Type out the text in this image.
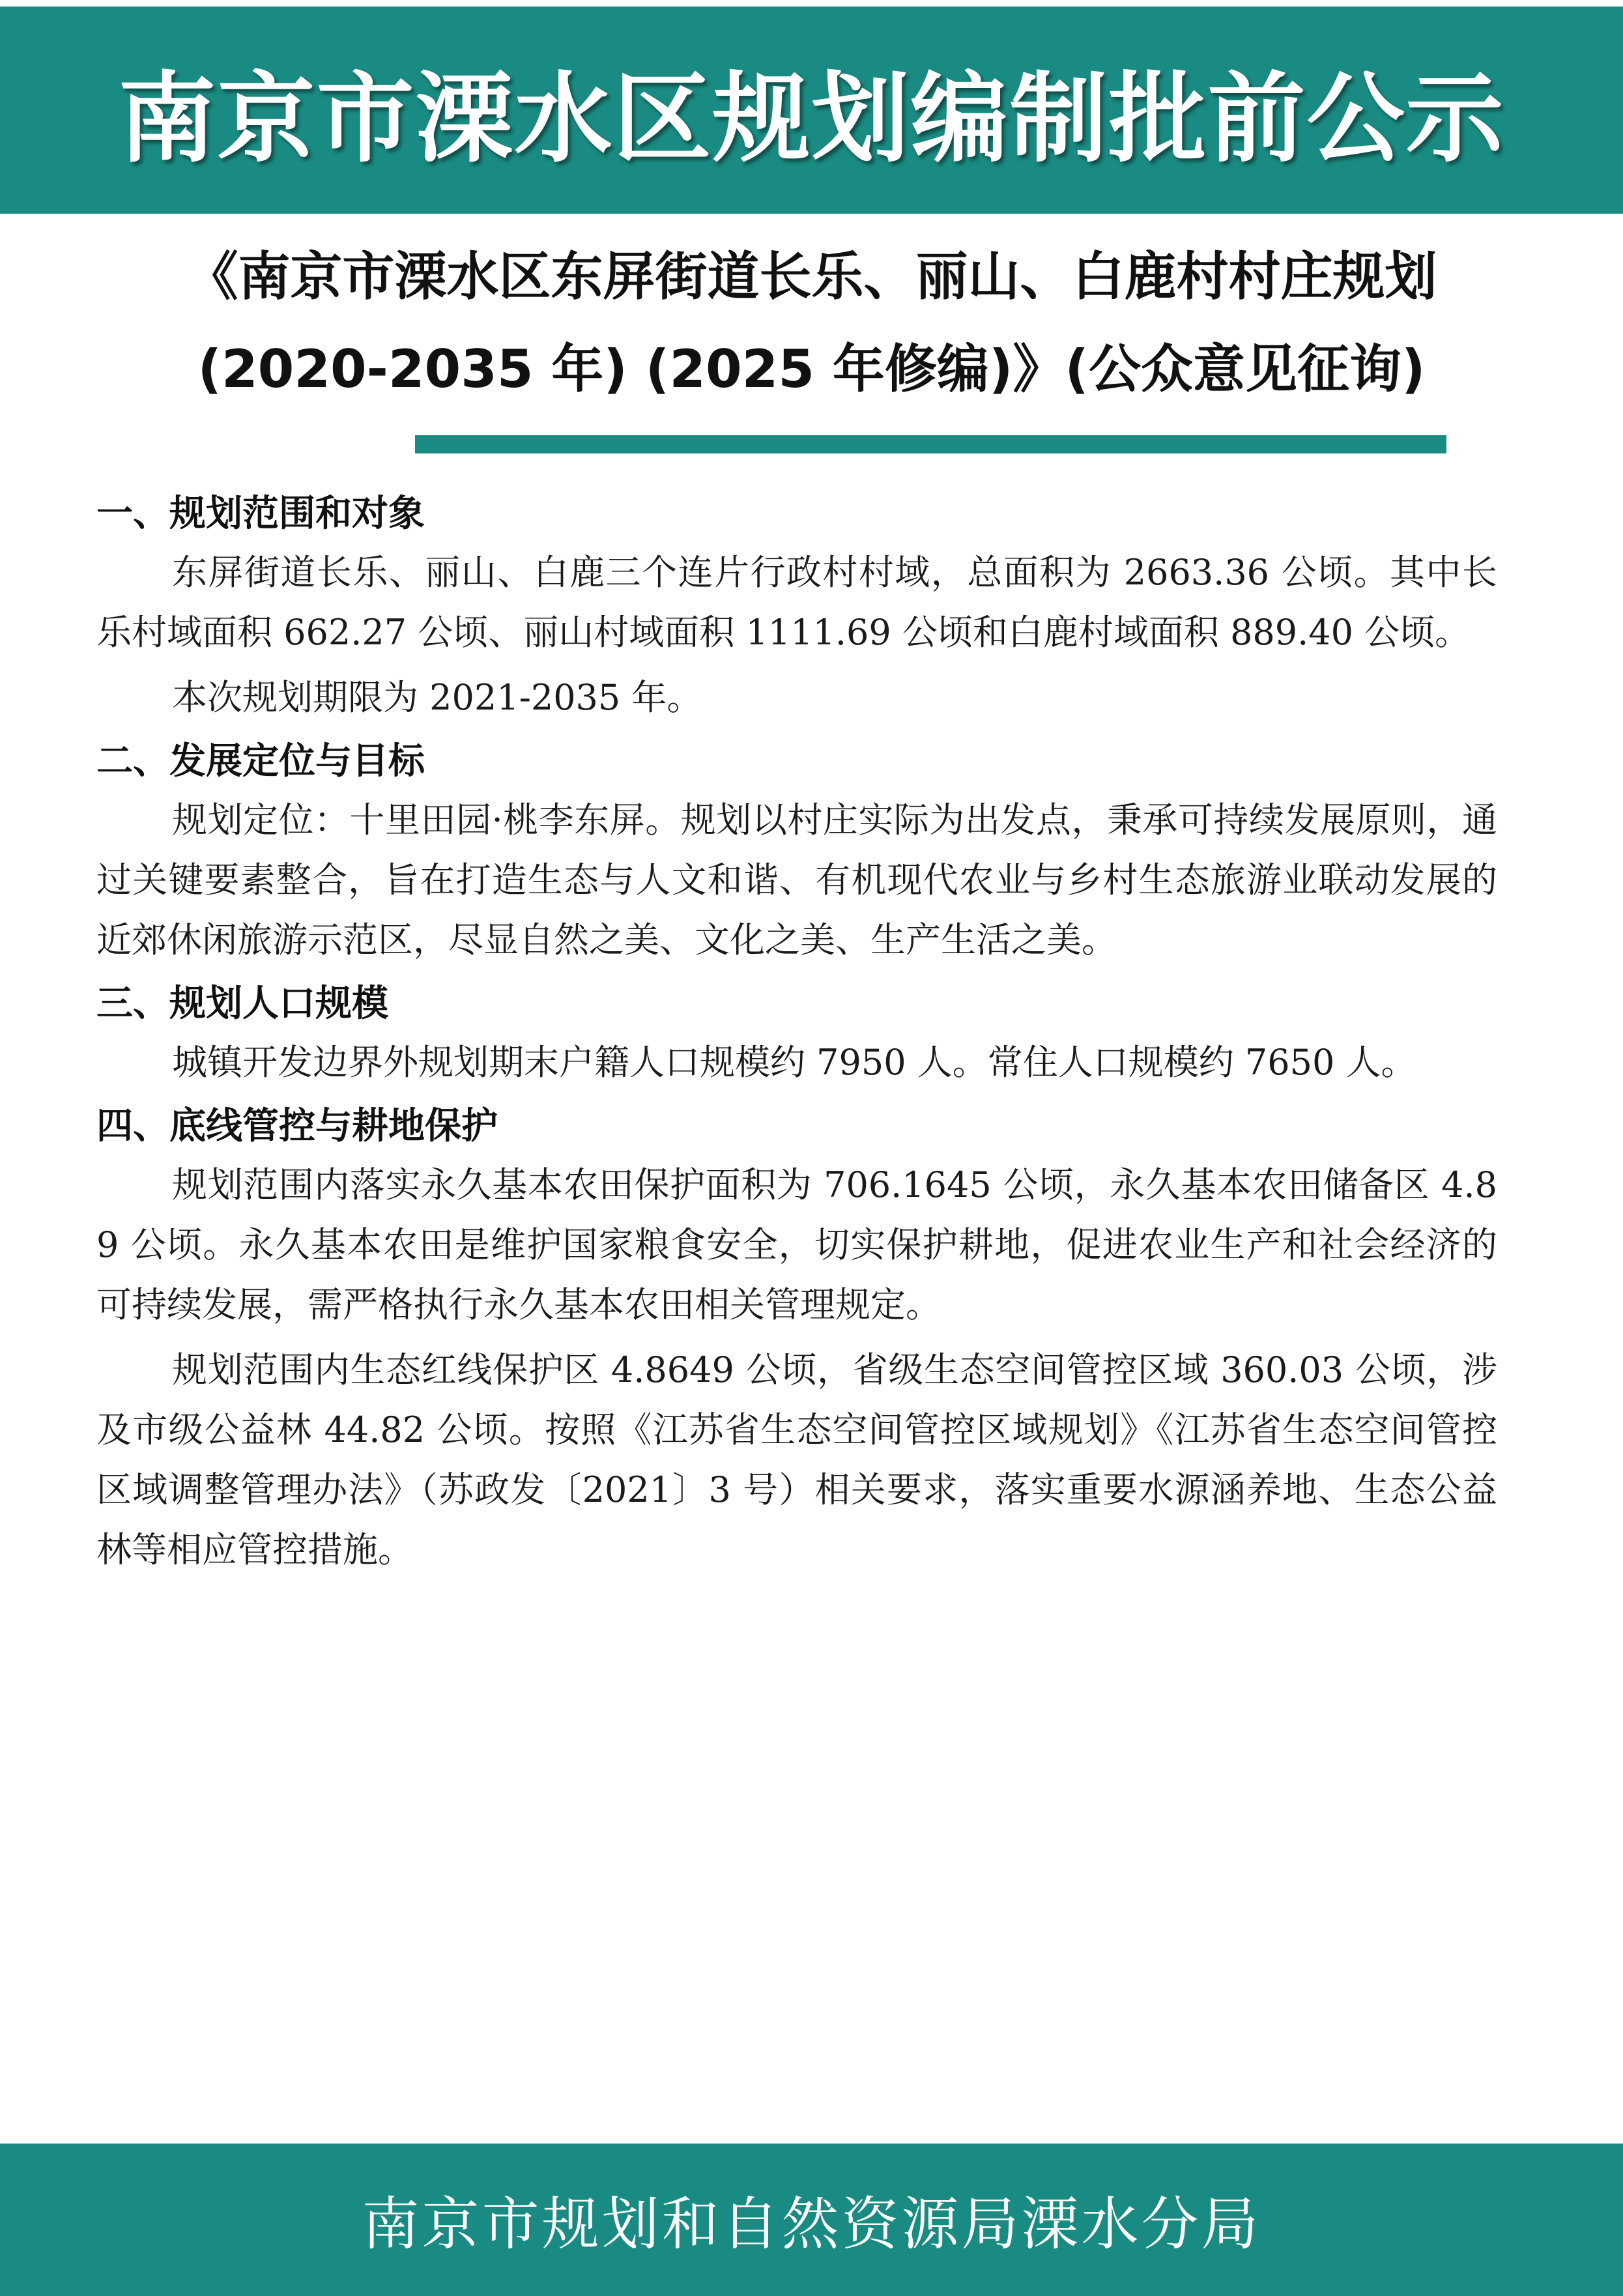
南京市溧水区规划编制批前公示
《南京市溧水区东屏街道长乐、丽山、白鹿村村庄规划
(2020-2035 年) (2025 年修编)》(公众意见征询)
一、规划范围和对象

东屏街道长乐、丽山、白鹿三个连片行政村村域，总面积为 2663.36 公顷。其中长乐村域面积 662.27 公顷、丽山村域面积 1111.69 公顷和白鹿村域面积 889.40 公顷。

本次规划期限为 2021-2035 年。

二、发展定位与目标

规划定位：十里田园·桃李东屏。规划以村庄实际为出发点，秉承可持续发展原则，通过关键要素整合，旨在打造生态与人文和谐、有机现代农业与乡村生态旅游业联动发展的近郊休闲旅游示范区，尽显自然之美、文化之美、生产生活之美。

三、规划人口规模

城镇开发边界外规划期末户籍人口规模约 7950 人。常住人口规模约 7650 人。

四、底线管控与耕地保护

规划范围内落实永久基本农田保护面积为 706.1645 公顷，永久基本农田储备区 4.89 公顷。永久基本农田是维护国家粮食安全，切实保护耕地，促进农业生产和社会经济的可持续发展，需严格执行永久基本农田相关管理规定。

规划范围内生态红线保护区 4.8649 公顷，省级生态空间管控区域 360.03 公顷，涉及市级公益林 44.82 公顷。按照《江苏省生态空间管控区域规划》《江苏省生态空间管控区域调整管理办法》（苏政发〔2021〕3 号）相关要求，落实重要水源涵养地、生态公益林等相应管控措施。

南京市规划和自然资源局溧水分局
